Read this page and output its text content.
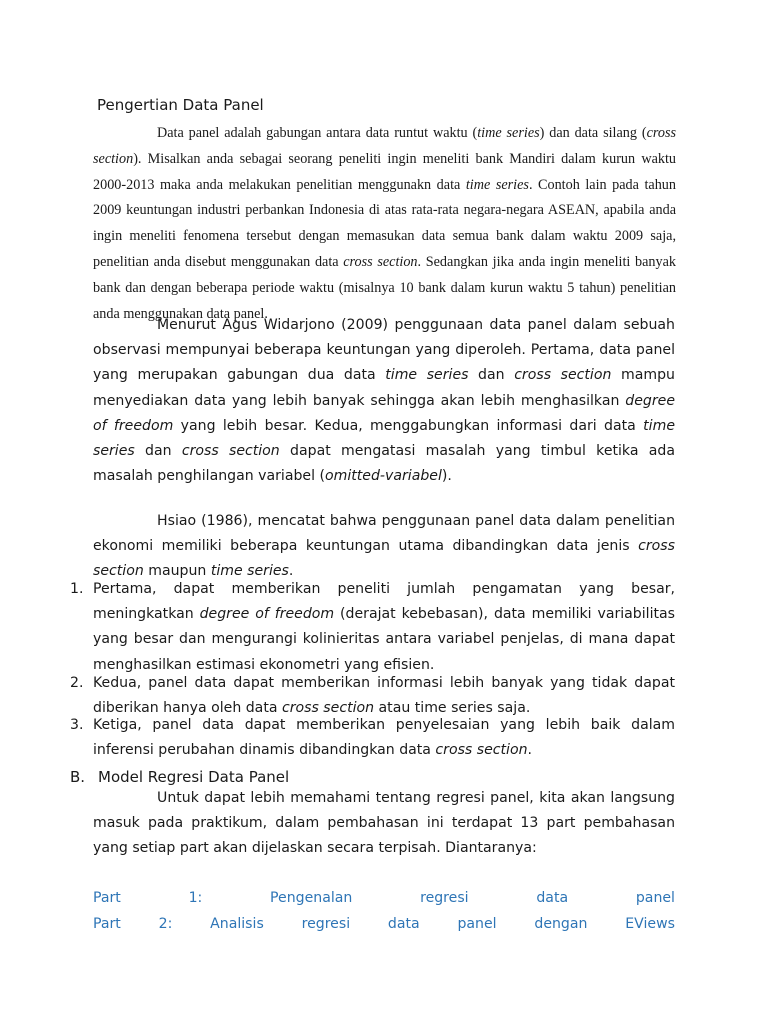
Pengertian Data Panel
Data panel adalah gabungan antara data runtut waktu (time series) dan data silang (cross section). Misalkan anda sebagai seorang peneliti ingin meneliti bank Mandiri dalam kurun waktu 2000-2013 maka anda melakukan penelitian menggunakn data time series. Contoh lain pada tahun 2009 keuntungan industri perbankan Indonesia di atas rata-rata negara-negara ASEAN, apabila anda ingin meneliti fenomena tersebut dengan memasukan data semua bank dalam waktu 2009 saja, penelitian anda disebut menggunakan data cross section. Sedangkan jika anda ingin meneliti banyak bank dan dengan beberapa periode waktu (misalnya 10 bank dalam kurun waktu 5 tahun) penelitian anda menggunakan data panel.
Menurut Agus Widarjono (2009) penggunaan data panel dalam sebuah observasi mempunyai beberapa keuntungan yang diperoleh. Pertama, data panel yang merupakan gabungan dua data time series dan cross section mampu menyediakan data yang lebih banyak sehingga akan lebih menghasilkan degree of freedom yang lebih besar. Kedua, menggabungkan informasi dari data time series dan cross section dapat mengatasi masalah yang timbul ketika ada masalah penghilangan variabel (omitted-variabel).
Hsiao (1986), mencatat bahwa penggunaan panel data dalam penelitian ekonomi memiliki beberapa keuntungan utama dibandingkan data jenis cross section maupun time series.
1. Pertama, dapat memberikan peneliti jumlah pengamatan yang besar, meningkatkan degree of freedom (derajat kebebasan), data memiliki variabilitas yang besar dan mengurangi kolinieritas antara variabel penjelas, di mana dapat menghasilkan estimasi ekonometri yang efisien.
2. Kedua, panel data dapat memberikan informasi lebih banyak yang tidak dapat diberikan hanya oleh data cross section atau time series saja.
3. Ketiga, panel data dapat memberikan penyelesaian yang lebih baik dalam inferensi perubahan dinamis dibandingkan data cross section.
B. Model Regresi Data Panel
Untuk dapat lebih memahami tentang regresi panel, kita akan langsung masuk pada praktikum, dalam pembahasan ini terdapat 13 part pembahasan yang setiap part akan dijelaskan secara terpisah. Diantaranya:
Part	1:	Pengenalan	regresi	data	panel
Part	2:	Analisis	regresi	data	panel	dengan	EViews
